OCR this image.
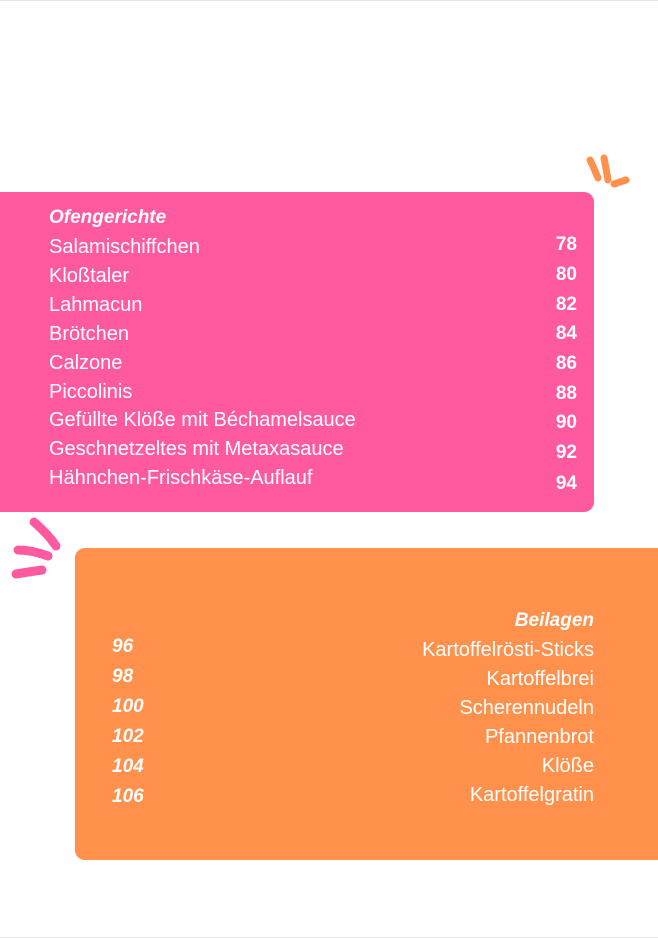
Ofengerichte
Salamischiffchen	78
Kloßtaler	80
Lahmacun	82
Brötchen	84
Calzone	86
Piccolinis	88
Gefüllte Klöße mit Béchamelsauce	90
Geschnetzeltes mit Metaxasauce	92
Hähnchen-Frischkäse-Auflauf	94
Beilagen
96	Kartoffelrösti-Sticks
98	Kartoffelbrei
100	Scherennudeln
102	Pfannenbrot
104	Klöße
106	Kartoffelgratin
